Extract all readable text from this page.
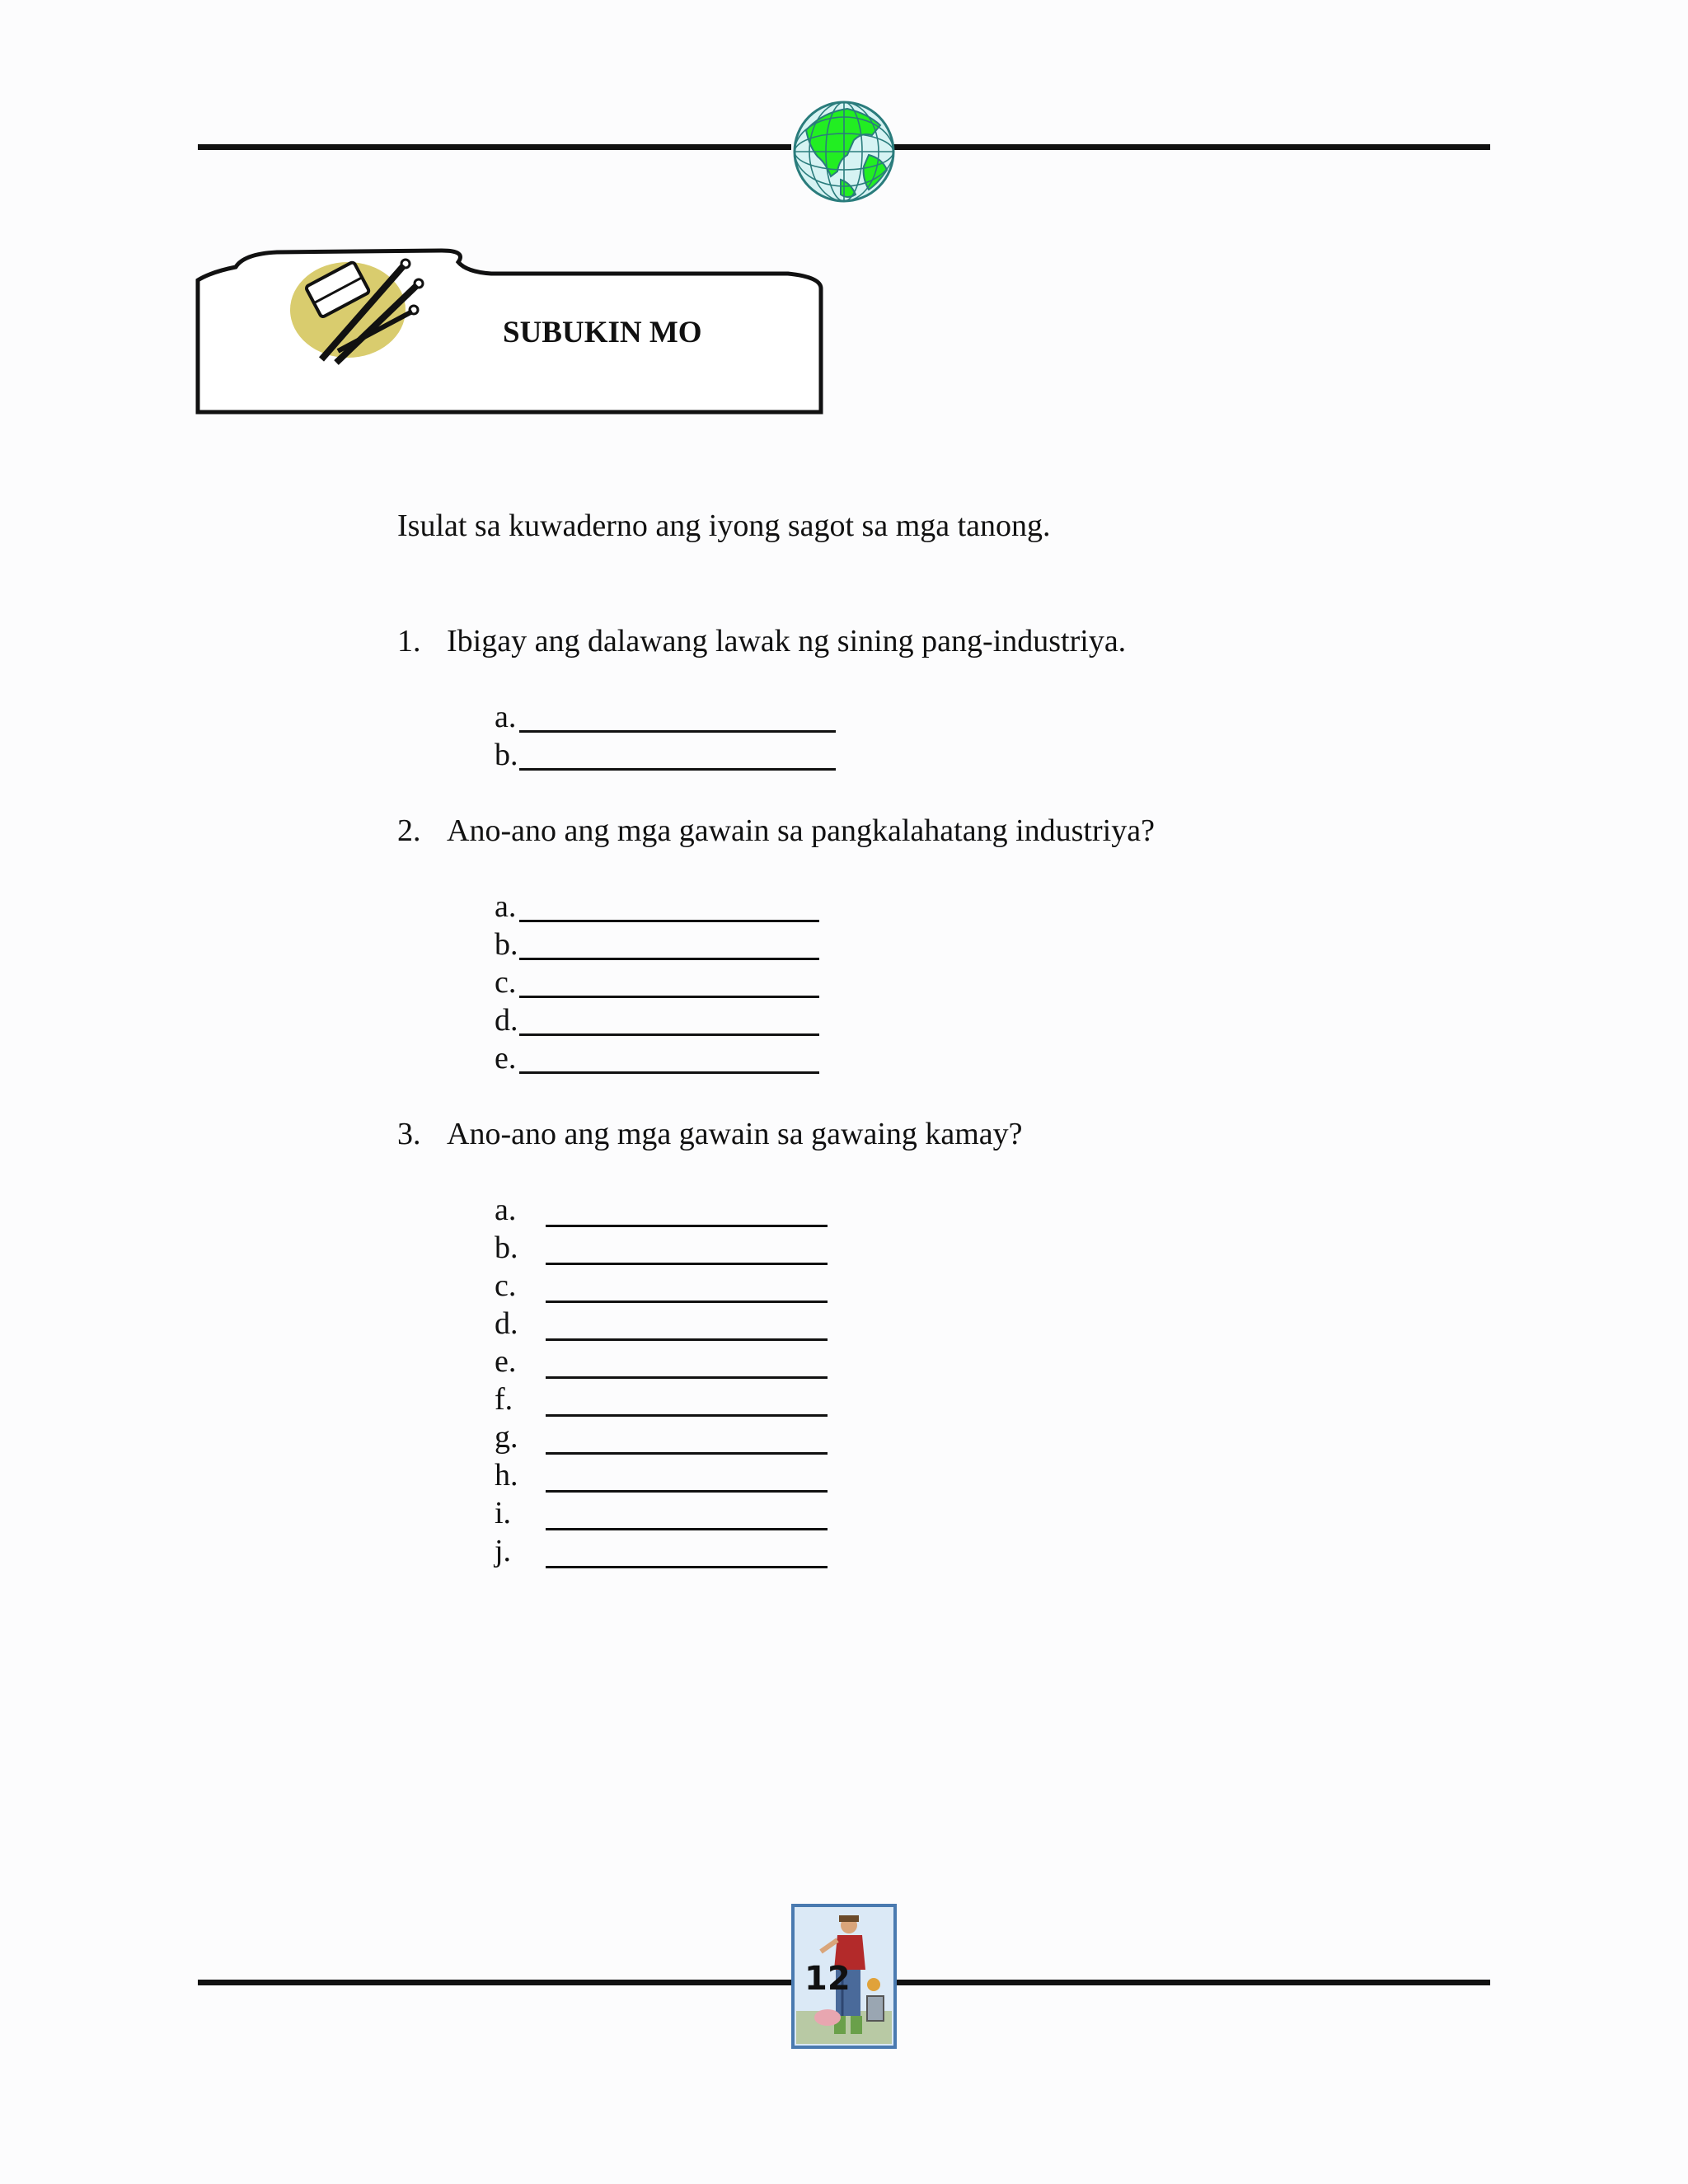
SUBUKIN MO
Isulat sa kuwaderno ang iyong sagot sa mga tanong.
1. Ibigay ang dalawang lawak ng sining pang-industriya.
a.
b.
2. Ano-ano ang mga gawain sa pangkalahatang industriya?
a.
b.
c.
d.
e.
3. Ano-ano ang mga gawain sa gawaing kamay?
a.
b.
c.
d.
e.
f.
g.
h.
i.
j.
12
